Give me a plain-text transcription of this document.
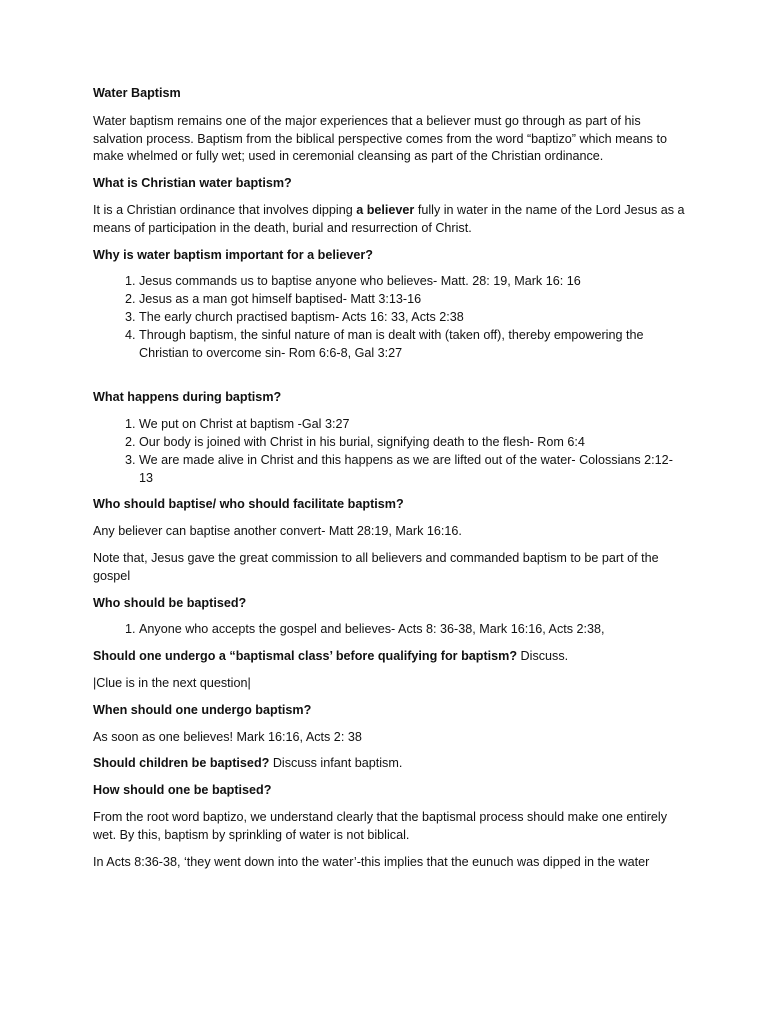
Water Baptism

Water baptism remains one of the major experiences that a believer must go through as part of his salvation process. Baptism from the biblical perspective comes from the word “baptizo” which means to make whelmed or fully wet; used in ceremonial cleansing as part of the Christian ordinance.

What is Christian water baptism?

It is a Christian ordinance that involves dipping a believer fully in water in the name of the Lord Jesus as a means of participation in the death, burial and resurrection of Christ.

Why is water baptism important for a believer?

1. Jesus commands us to baptise anyone who believes- Matt. 28: 19, Mark 16: 16
2. Jesus as a man got himself baptised- Matt 3:13-16
3. The early church practised baptism- Acts 16: 33, Acts 2:38
4. Through baptism, the sinful nature of man is dealt with (taken off), thereby empowering the Christian to overcome sin- Rom 6:6-8, Gal 3:27

What happens during baptism?

1. We put on Christ at baptism -Gal 3:27
2. Our body is joined with Christ in his burial, signifying death to the flesh- Rom 6:4
3. We are made alive in Christ and this happens as we are lifted out of the water- Colossians 2:12-13

Who should baptise/ who should facilitate baptism?

Any believer can baptise another convert- Matt 28:19, Mark 16:16.

Note that, Jesus gave the great commission to all believers and commanded baptism to be part of the gospel

Who should be baptised?

1. Anyone who accepts the gospel and believes- Acts 8: 36-38, Mark 16:16, Acts 2:38,

Should one undergo a “baptismal class’ before qualifying for baptism? Discuss.

|Clue is in the next question|

When should one undergo baptism?

As soon as one believes! Mark 16:16, Acts 2: 38

Should children be baptised? Discuss infant baptism.

How should one be baptised?

From the root word baptizo, we understand clearly that the baptismal process should make one entirely wet. By this, baptism by sprinkling of water is not biblical.

In Acts 8:36-38, ‘they went down into the water’-this implies that the eunuch was dipped in the water
